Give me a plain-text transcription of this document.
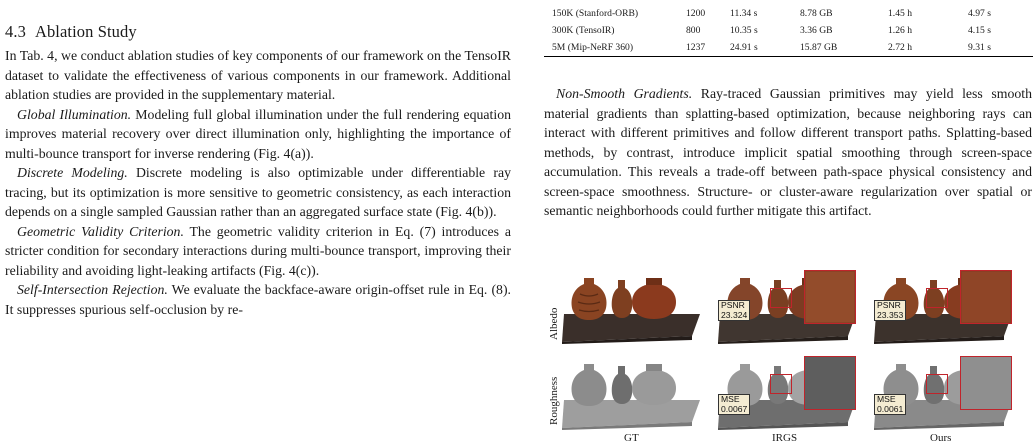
4.3 Ablation Study

In Tab. 4, we conduct ablation studies of key components of our framework on the TensoIR dataset to validate the effectiveness of various components in our framework. Additional ablation studies are provided in the supplementary material.

Global Illumination. Modeling full global illumination under the full rendering equation improves material recovery over direct illumination only, highlighting the importance of multi-bounce transport for inverse rendering (Fig. 4(a)).

Discrete Modeling. Discrete modeling is also optimizable under differentiable ray tracing, but its optimization is more sensitive to geometric consistency, as each interaction depends on a single sampled Gaussian rather than an aggregated surface state (Fig. 4(b)).

Geometric Validity Criterion. The geometric validity criterion in Eq. (7) introduces a stricter condition for secondary interactions during multi-bounce transport, improving their reliability and avoiding light-leaking artifacts (Fig. 4(c)).

Self-Intersection Rejection. We evaluate the backface-aware origin-offset rule in Eq. (8). It suppresses spurious self-occlusion by re-

150K (Stanford-ORB)	1200	11.34 s	8.78 GB	1.45 h	4.97 s
300K (TensoIR)	800	10.35 s	3.36 GB	1.26 h	4.15 s
5M (Mip-NeRF 360)	1237	24.91 s	15.87 GB	2.72 h	9.31 s

Non-Smooth Gradients. Ray-traced Gaussian primitives may yield less smooth material gradients than splatting-based optimization, because neighboring rays can interact with different primitives and follow different transport paths. Splatting-based methods, by contrast, introduce implicit spatial smoothing through screen-space accumulation. This reveals a trade-off between path-space physical consistency and screen-space smoothness. Structure- or cluster-aware regularization over spatial or semantic neighborhoods could further mitigate this artifact.

Albedo
Roughness
PSNR
23.324
PSNR
23.353
MSE
0.0067
MSE
0.0061
GT	IRGS	Ours
